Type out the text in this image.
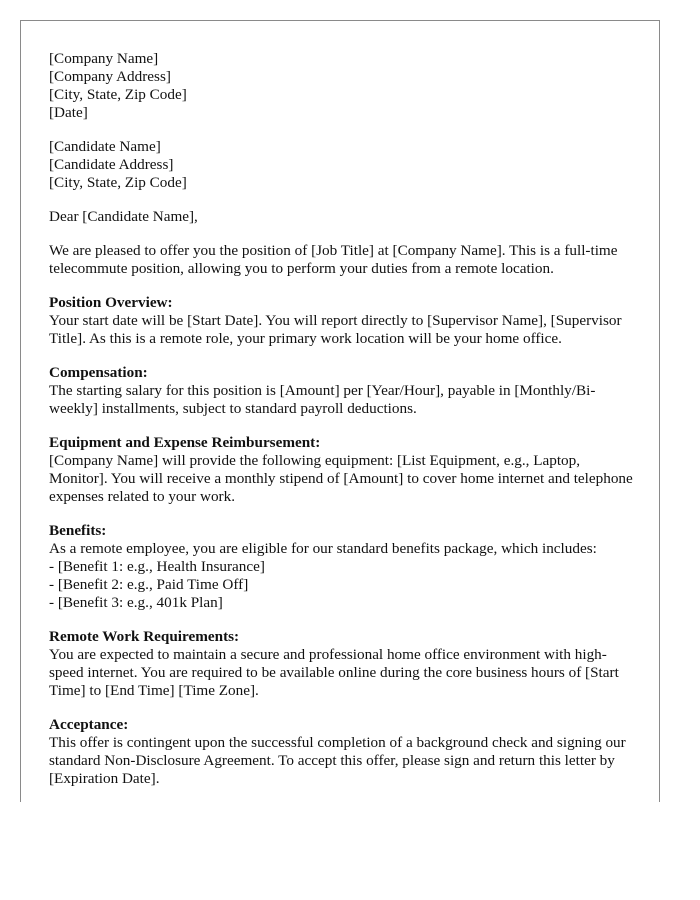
[Company Name]
[Company Address]
[City, State, Zip Code]
[Date]
[Candidate Name]
[Candidate Address]
[City, State, Zip Code]
Dear [Candidate Name],
We are pleased to offer you the position of [Job Title] at [Company Name]. This is a full-time telecommute position, allowing you to perform your duties from a remote location.
Position Overview:
Your start date will be [Start Date]. You will report directly to [Supervisor Name], [Supervisor Title]. As this is a remote role, your primary work location will be your home office.
Compensation:
The starting salary for this position is [Amount] per [Year/Hour], payable in [Monthly/Bi-weekly] installments, subject to standard payroll deductions.
Equipment and Expense Reimbursement:
[Company Name] will provide the following equipment: [List Equipment, e.g., Laptop, Monitor]. You will receive a monthly stipend of [Amount] to cover home internet and telephone expenses related to your work.
Benefits:
As a remote employee, you are eligible for our standard benefits package, which includes:
- [Benefit 1: e.g., Health Insurance]
- [Benefit 2: e.g., Paid Time Off]
- [Benefit 3: e.g., 401k Plan]
Remote Work Requirements:
You are expected to maintain a secure and professional home office environment with high-speed internet. You are required to be available online during the core business hours of [Start Time] to [End Time] [Time Zone].
Acceptance:
This offer is contingent upon the successful completion of a background check and signing our standard Non-Disclosure Agreement. To accept this offer, please sign and return this letter by [Expiration Date].
